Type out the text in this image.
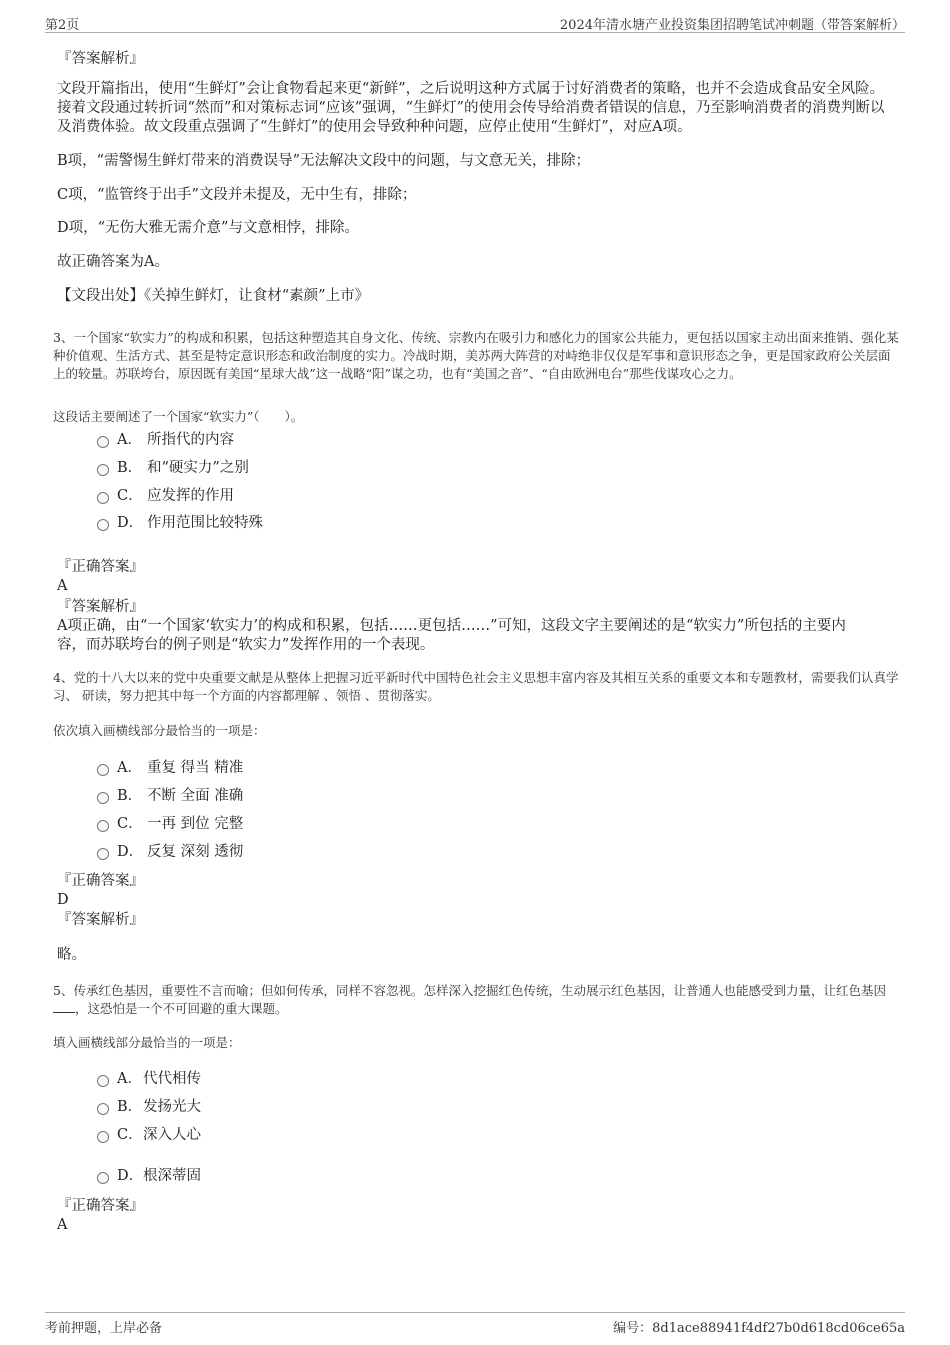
第2页	2024年清水塘产业投资集团招聘笔试冲刺题（带答案解析）
『答案解析』
文段开篇指出，使用“生鲜灯”会让食物看起来更“新鲜”，之后说明这种方式属于讨好消费者的策略，也并不会造成食品安全风险。接着文段通过转折词“然而”和对策标志词“应该”强调，“生鲜灯”的使用会传导给消费者错误的信息，乃至影响消费者的消费判断以及消费体验。故文段重点强调了“生鲜灯”的使用会导致种种问题，应停止使用“生鲜灯”，对应A项。
B项，“需警惕生鲜灯带来的消费误导”无法解决文段中的问题，与文意无关，排除；
C项，“监管终于出手”文段并未提及，无中生有，排除；
D项，“无伤大雅无需介意”与文意相悖，排除。
故正确答案为A。
【文段出处】《关掉生鲜灯，让食材“素颜”上市》
3、一个国家“软实力”的构成和积累，包括这种塑造其自身文化、传统、宗教内在吸引力和感化力的国家公共能力，更包括以国家主动出面来推销、强化某种价值观、生活方式、甚至是特定意识形态和政治制度的实力。冷战时期，美苏两大阵营的对峙绝非仅仅是军事和意识形态之争，更是国家政府公关层面上的较量。苏联垮台，原因既有美国“星球大战”这一战略“阳”谋之功，也有“美国之音”、“自由欧洲电台”那些伐谋攻心之力。
这段话主要阐述了一个国家“软实力”（　　）。
A． 所指代的内容
B． 和“硬实力”之别
C． 应发挥的作用
D． 作用范围比较特殊
『正确答案』
A
『答案解析』
A项正确，由“一个国家‘软实力’的构成和积累，包括……更包括……”可知，这段文字主要阐述的是“软实力”所包括的主要内容，而苏联垮台的例子则是“软实力”发挥作用的一个表现。
4、党的十八大以来的党中央重要文献是从整体上把握习近平新时代中国特色社会主义思想丰富内容及其相互关系的重要文本和专题教材，需要我们认真学习、 研读，努力把其中每一个方面的内容都理解 、领悟 、贯彻落实。
依次填入画横线部分最恰当的一项是：
A． 重复 得当 精准
B． 不断 全面 准确
C． 一再 到位 完整
D． 反复 深刻 透彻
『正确答案』
D
『答案解析』
略。
5、传承红色基因，重要性不言而喻；但如何传承，同样不容忽视。怎样深入挖掘红色传统，生动展示红色基因，让普通人也能感受到力量，让红色基因，这恐怕是一个不可回避的重大课题。
填入画横线部分最恰当的一项是：
A．代代相传
B．发扬光大
C．深入人心
D．根深蒂固
『正确答案』
A
考前押题，上岸必备	编号：8d1ace88941f4df27b0d618cd06ce65a
